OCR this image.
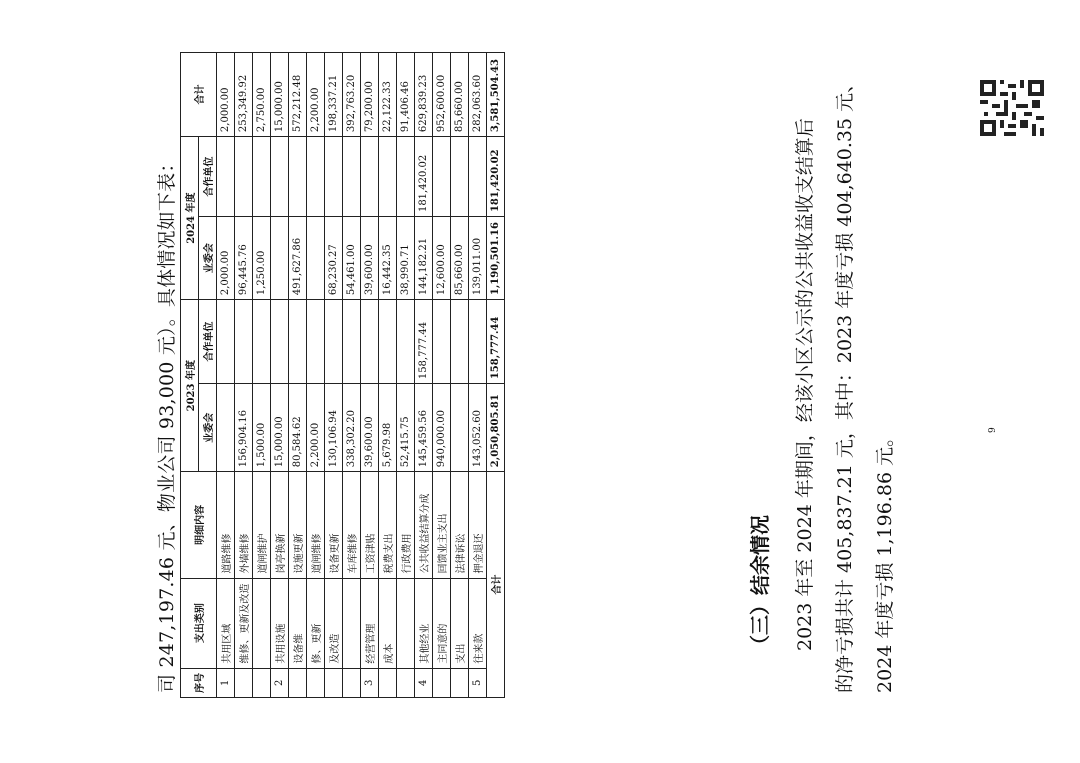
司 247,197.46 元、物业公司 93,000 元）。具体情况如下表： 序号	支出类别	明细内容	2023 年度		2024 年度		合计
			业委会	合作单位	业委会	合作单位	
1	共用区域	道路维修			2,000.00		2,000.00
	维修、更新及改造	外墙维修	156,904.16		96,445.76		253,349.92
		道闸维护	1,500.00		1,250.00		2,750.00
2	共用设施	岗亭换新	15,000.00				15,000.00
	设备维	设施更新	80,584.62		491,627.86		572,212.48
	修、更新	道闸维修	2,200.00				2,200.00
	及改造	设备更新	130,106.94		68,230.27		198,337.21
		车库维修	338,302.20		54,461.00		392,763.20
3	经营管理	工资津贴	39,600.00		39,600.00		79,200.00
	成本	税费支出	5,679.98		16,442.35		22,122.33
		行政费用	52,415.75		38,990.71		91,406.46
4	其他经业	公共收益结算分成	145,459.56	158,777.44	144,182.21	181,420.02	629,839.23
	主同意的	回馈业主支出	940,000.00		12,600.00		952,600.00
	支出	法律诉讼			85,660.00		85,660.00
5	往来款	押金退还	143,052.60		139,011.00		282,063.60
合计			2,050,805.81	158,777.44	1,190,501.16	181,420.02	3,581,504.43
（三）结余情况 2023 年至 2024 年期间，经该小区公示的公共收益收支结算后 的净亏损共计 405,837.21 元，其中：2023 年度亏损 404,640.35 元、 2024 年度亏损 1,196.86 元。	9
